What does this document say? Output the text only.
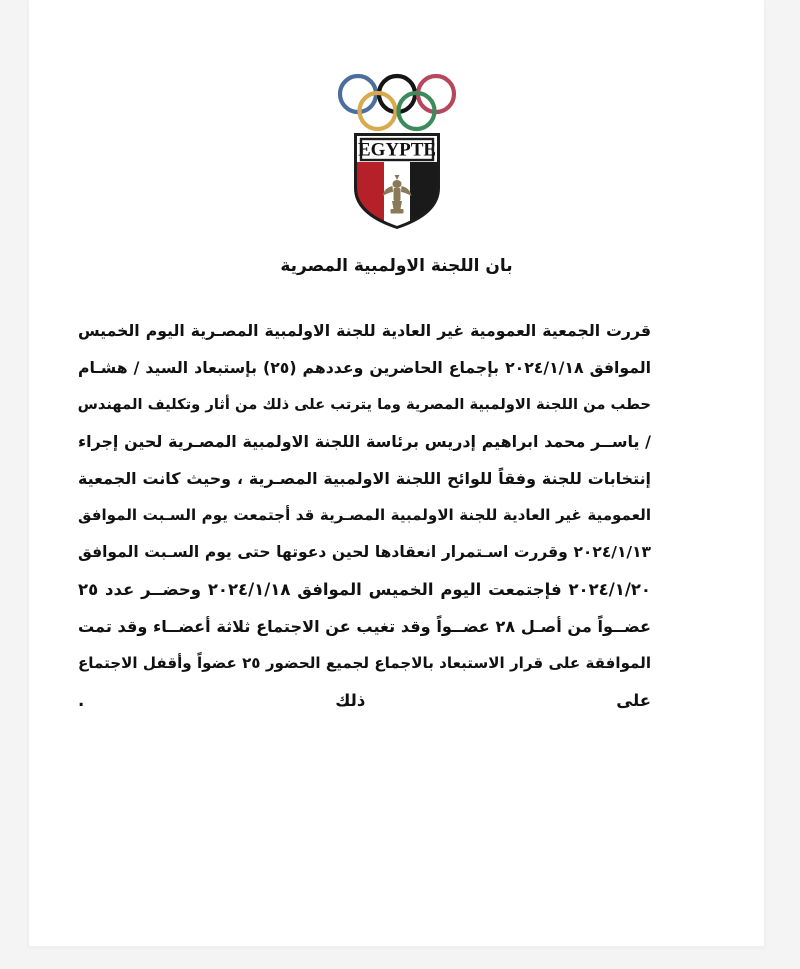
EGYPTE
بان اللجنة الاولمبية المصرية
قررت الجمعية العمومية غير العادية للجنة الاولمبية المصـرية اليوم الخميس
الموافق ٢٠٢٤/١/١٨ بإجماع الحاضرين وعددهم (٢٥) بإستبعاد السيد / هشـام
حطب من اللجنة الاولمبية المصرية وما يترتب على ذلك من أثار وتكليف المهندس
/ ياســر محمد ابراهيم إدريس برئاسة اللجنة الاولمبية المصـرية لحين إجراء
إنتخابات للجنة وفقاً للوائح اللجنة الاولمبية المصـرية ، وحيث كانت الجمعية
العمومية غير العادية للجنة الاولمبية المصـرية قد أجتمعت يوم السـبت الموافق
٢٠٢٤/١/١٣ وقررت اسـتمرار انعقادها لحين دعوتها حتى يوم السـبت الموافق
٢٠٢٤/١/٢٠ فإجتمعت اليوم الخميس الموافق ٢٠٢٤/١/١٨ وحضــر عدد ٢٥
عضــواً من أصـل ٢٨ عضــواً وقد تغيب عن الاجتماع ثلاثة أعضــاء وقد تمت
الموافقة على قرار الاستبعاد بالاجماع لجميع الحضور ٢٥ عضواً وأقفل الاجتماع
على ذلك .
